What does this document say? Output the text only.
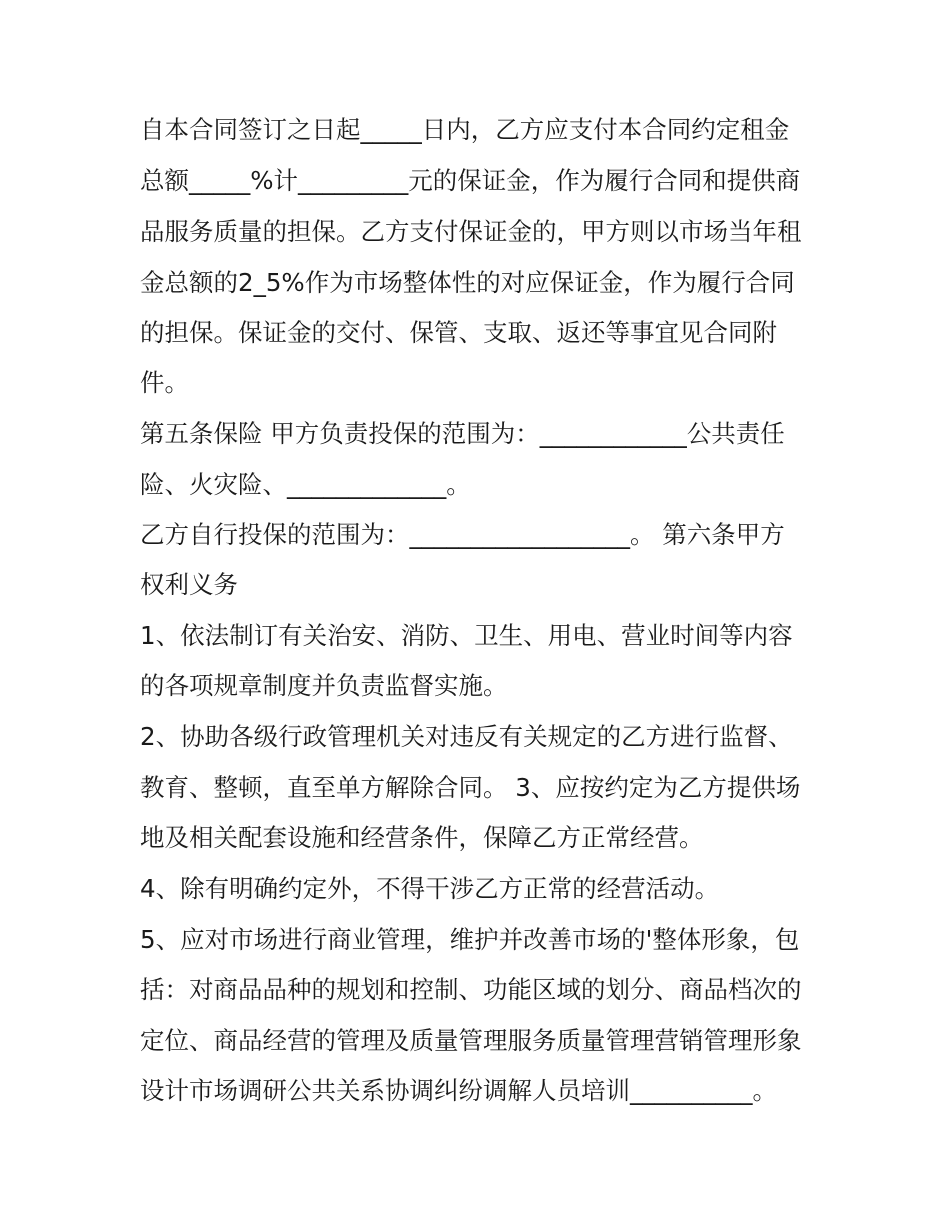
自本合同签订之日起_____日内，乙方应支付本合同约定租金
总额_____%计_________元的保证金，作为履行合同和提供商
品服务质量的担保。乙方支付保证金的，甲方则以市场当年租
金总额的2_5%作为市场整体性的对应保证金，作为履行合同
的担保。保证金的交付、保管、支取、返还等事宜见合同附
件。
第五条保险 甲方负责投保的范围为：____________公共责任
险、火灾险、_____________。
乙方自行投保的范围为：__________________。 第六条甲方
权利义务
1、依法制订有关治安、消防、卫生、用电、营业时间等内容
的各项规章制度并负责监督实施。
2、协助各级行政管理机关对违反有关规定的乙方进行监督、
教育、整顿，直至单方解除合同。 3、应按约定为乙方提供场
地及相关配套设施和经营条件，保障乙方正常经营。
4、除有明确约定外，不得干涉乙方正常的经营活动。
5、应对市场进行商业管理，维护并改善市场的'整体形象，包
括：对商品品种的规划和控制、功能区域的划分、商品档次的
定位、商品经营的管理及质量管理服务质量管理营销管理形象
设计市场调研公共关系协调纠纷调解人员培训__________。
